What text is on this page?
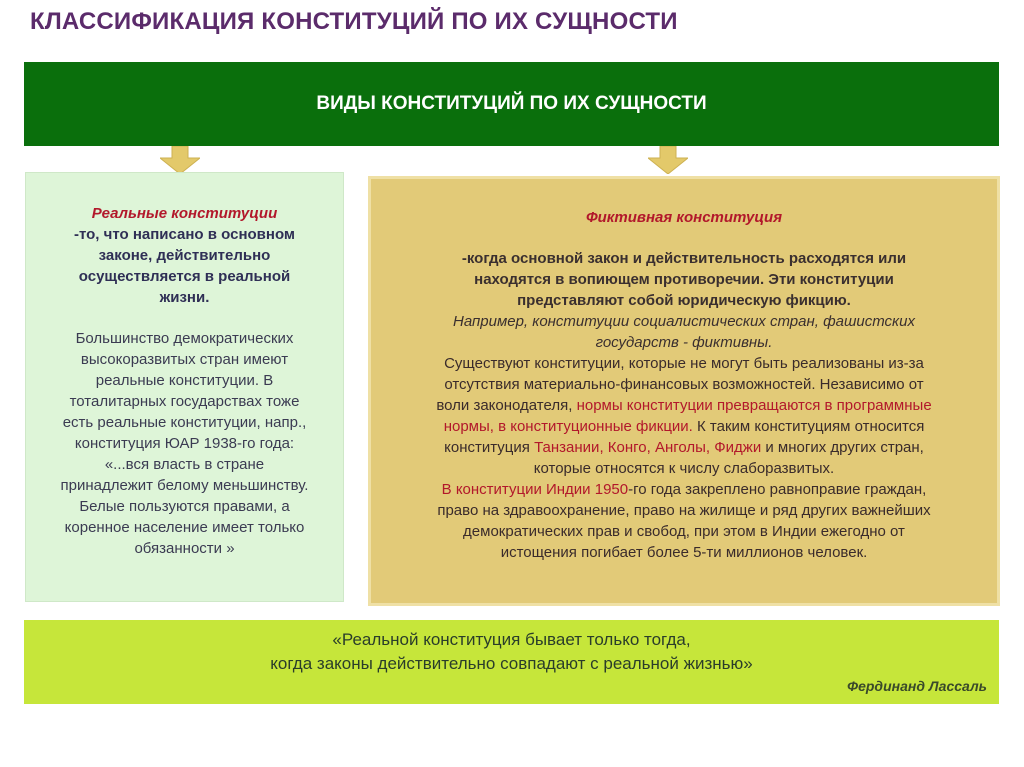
КЛАССИФИКАЦИЯ КОНСТИТУЦИЙ ПО ИХ СУЩНОСТИ
ВИДЫ КОНСТИТУЦИЙ ПО ИХ СУЩНОСТИ
Реальные конституции
-то, что написано в основном
законе, действительно
осуществляется в реальной
жизни.
Большинство демократических
высокоразвитых стран имеют
реальные конституции. В
тоталитарных государствах тоже
есть реальные конституции, напр.,
конституция ЮАР 1938-го года:
«...вся власть в стране
принадлежит белому меньшинству.
Белые пользуются правами, а
коренное население имеет только
обязанности »
Фиктивная конституция
-когда основной закон и действительность расходятся или
находятся в вопиющем противоречии. Эти конституции
представляют собой юридическую фикцию.
Например, конституции социалистических стран, фашистских
государств - фиктивны.
Существуют конституции, которые не могут быть реализованы из-за
отсутствия материально-финансовых возможностей. Независимо от
воли законодателя, нормы конституции превращаются в программные
нормы, в конституционные фикции. К таким конституциям относится
конституция Танзании, Конго, Анголы, Фиджи и многих других стран,
которые относятся к числу слаборазвитых.
В конституции Индии 1950-го года закреплено равноправие граждан,
право на здравоохранение, право на жилище и ряд других важнейших
демократических прав и свобод, при этом в Индии ежегодно от
истощения погибает более 5-ти миллионов человек.
«Реальной конституция бывает только тогда,
когда законы действительно совпадают с реальной жизнью»
Фердинанд Лассаль
